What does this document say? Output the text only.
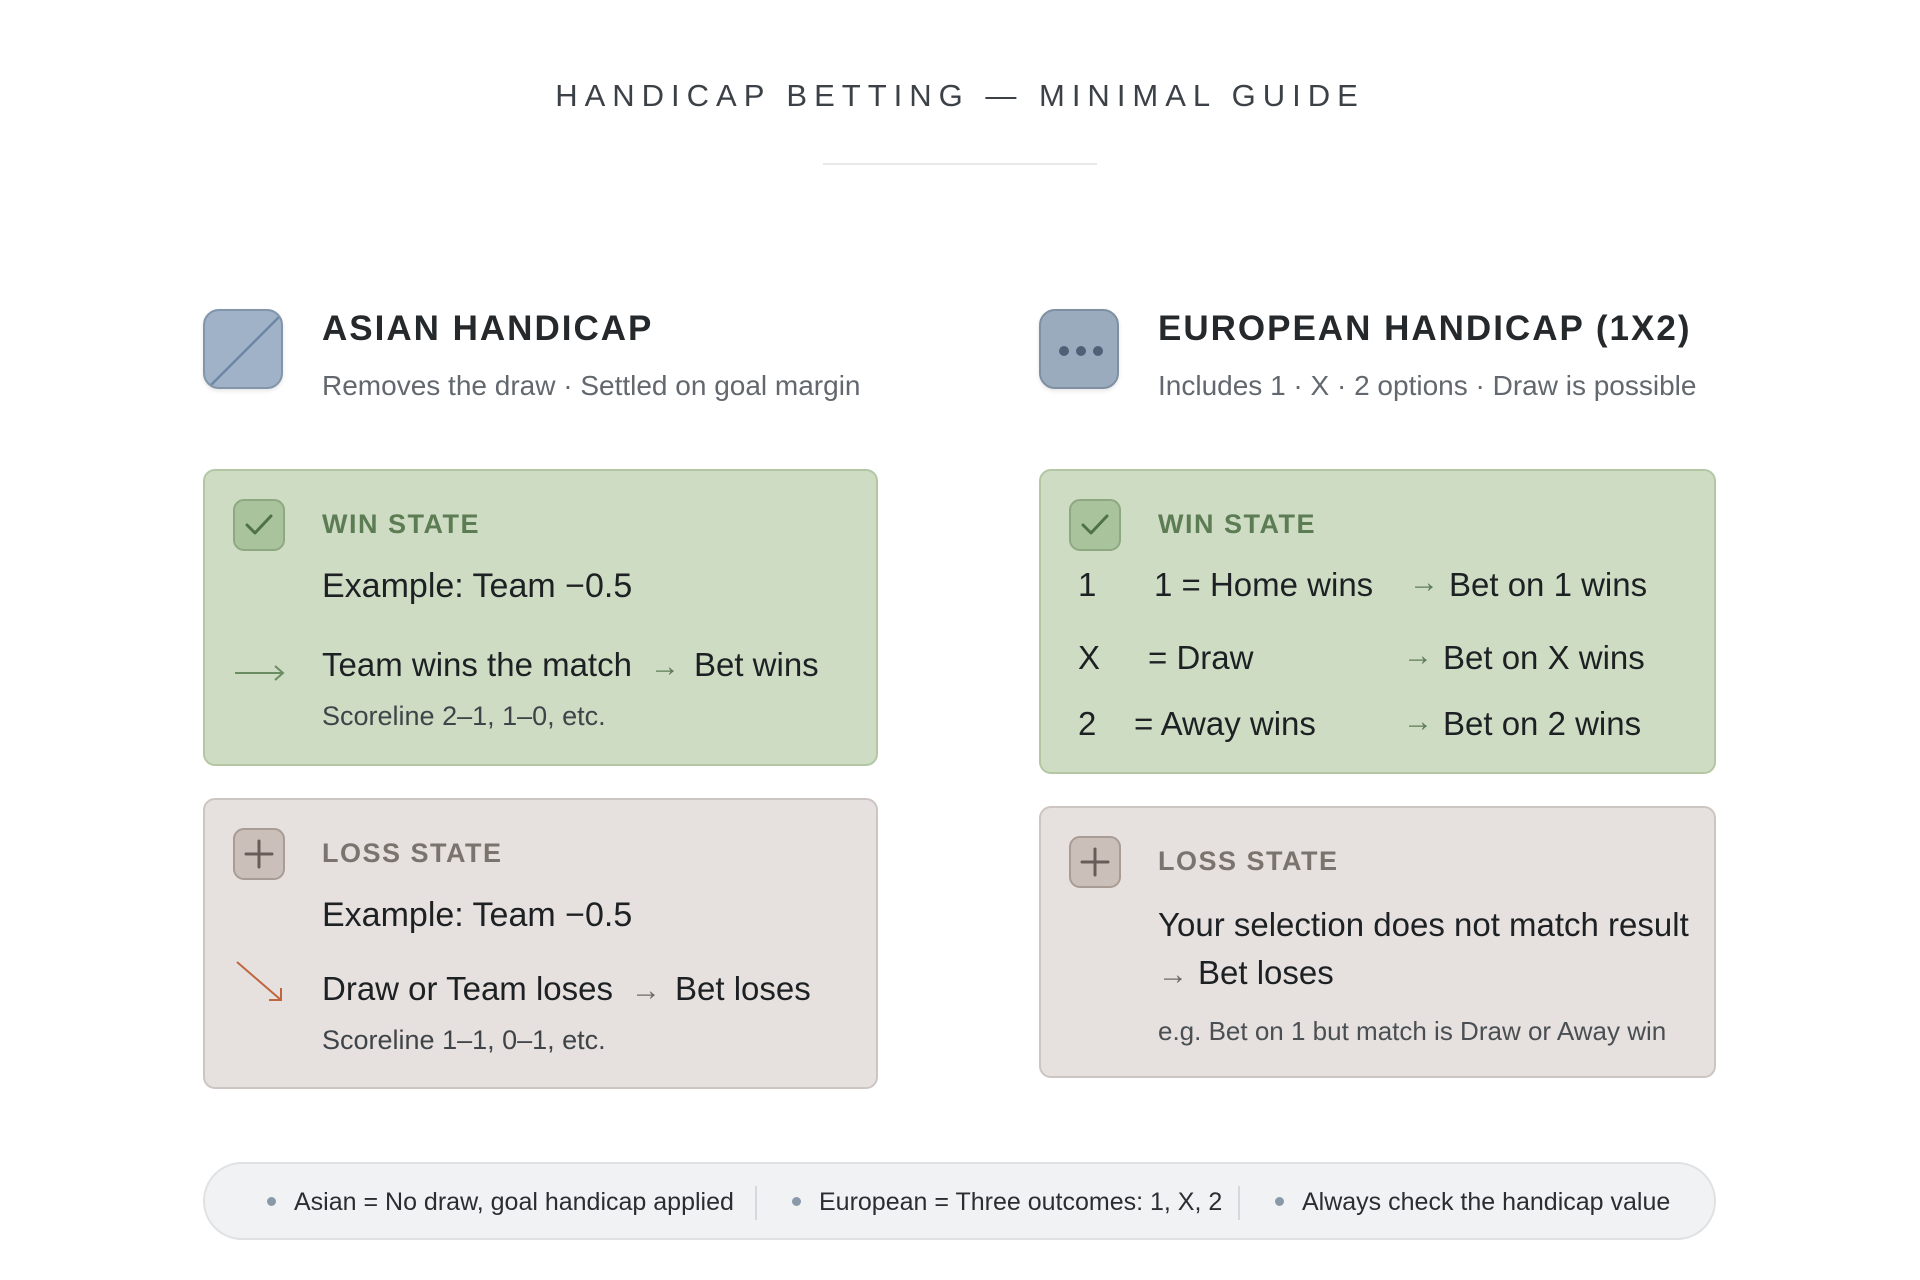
HANDICAP BETTING — MINIMAL GUIDE
ASIAN HANDICAP
Removes the draw · Settled on goal margin
EUROPEAN HANDICAP (1X2)
Includes 1 · X · 2 options · Draw is possible
WIN STATE
Example: Team −0.5
Team wins the match → Bet wins
Scoreline 2–1, 1–0, etc.
LOSS STATE
Example: Team −0.5
Draw or Team loses → Bet loses
Scoreline 1–1, 0–1, etc.
WIN STATE
1 1 = Home wins → Bet on 1 wins
X = Draw	→ Bet on X wins
2 = Away wins	→ Bet on 2 wins
LOSS STATE
Your selection does not match result
→ Bet loses
e.g. Bet on 1 but match is Draw or Away win
Asian = No draw, goal handicap applied	European = Three outcomes: 1, X, 2	Always check the handicap value
